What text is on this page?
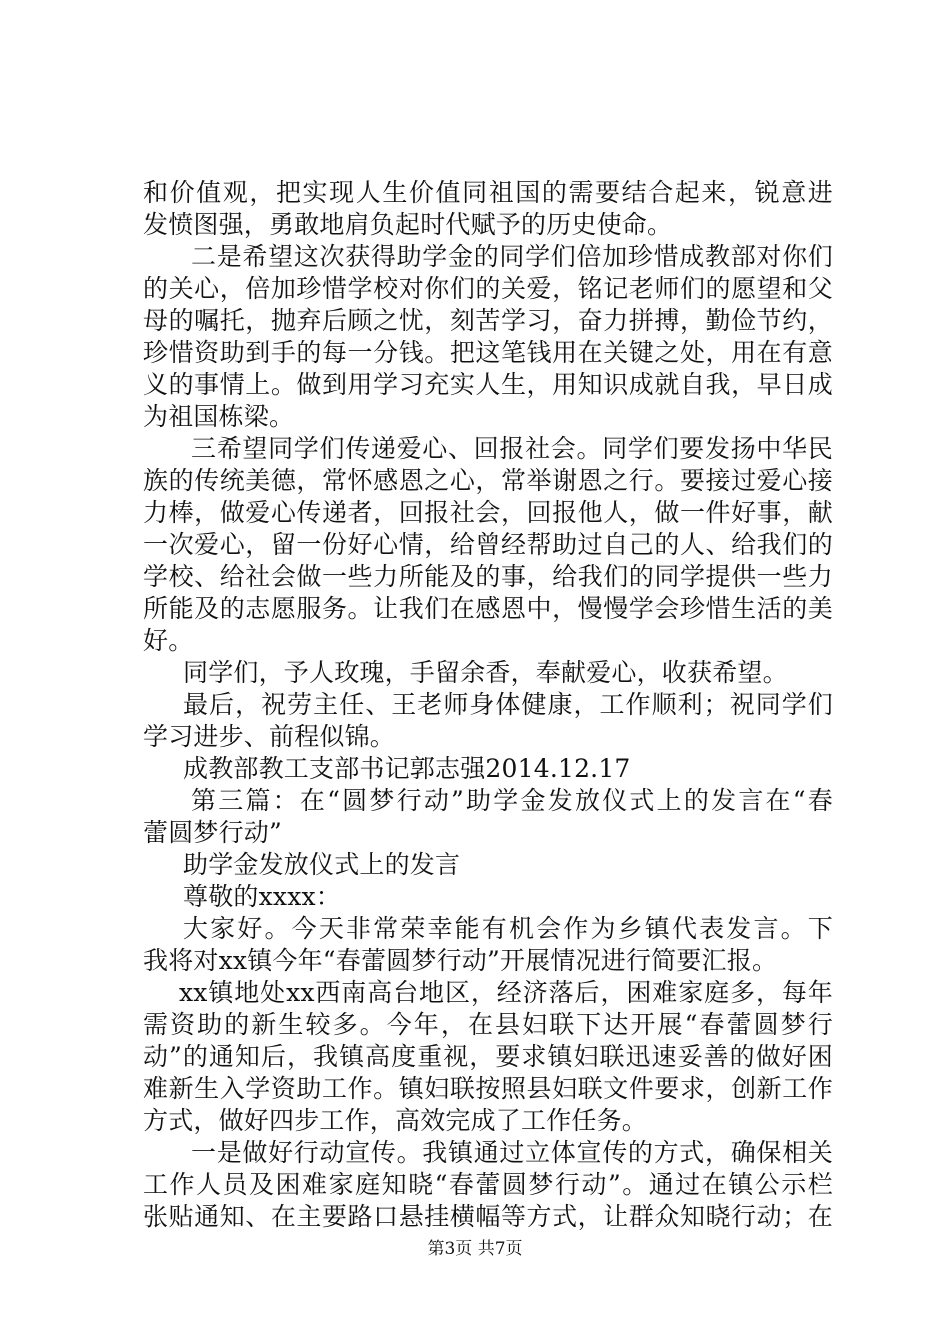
和价值观，把实现人生价值同祖国的需要结合起来，锐意进
发愤图强，勇敢地肩负起时代赋予的历史使命。
二是希望这次获得助学金的同学们倍加珍惜成教部对你们
的关心，倍加珍惜学校对你们的关爱，铭记老师们的愿望和父
母的嘱托，抛弃后顾之忧，刻苦学习，奋力拼搏，勤俭节约，
珍惜资助到手的每一分钱。把这笔钱用在关键之处，用在有意
义的事情上。做到用学习充实人生，用知识成就自我，早日成
为祖国栋梁。
三希望同学们传递爱心、回报社会。同学们要发扬中华民
族的传统美德，常怀感恩之心，常举谢恩之行。要接过爱心接
力棒，做爱心传递者，回报社会，回报他人，做一件好事，献
一次爱心，留一份好心情，给曾经帮助过自己的人、给我们的
学校、给社会做一些力所能及的事，给我们的同学提供一些力
所能及的志愿服务。让我们在感恩中，慢慢学会珍惜生活的美
好。
同学们，予人玫瑰，手留余香，奉献爱心，收获希望。
最后，祝劳主任、王老师身体健康，工作顺利；祝同学们
学习进步、前程似锦。
成教部教工支部书记郭志强2014.12.17
第三篇：在“圆梦行动”助学金发放仪式上的发言在“春
蕾圆梦行动”
助学金发放仪式上的发言
尊敬的xxxx：
大家好。今天非常荣幸能有机会作为乡镇代表发言。下
我将对xx镇今年“春蕾圆梦行动”开展情况进行简要汇报。
xx镇地处xx西南高台地区，经济落后，困难家庭多，每年
需资助的新生较多。今年，在县妇联下达开展“春蕾圆梦行
动”的通知后，我镇高度重视，要求镇妇联迅速妥善的做好困
难新生入学资助工作。镇妇联按照县妇联文件要求，创新工作
方式，做好四步工作，高效完成了工作任务。
一是做好行动宣传。我镇通过立体宣传的方式，确保相关
工作人员及困难家庭知晓“春蕾圆梦行动”。通过在镇公示栏
张贴通知、在主要路口悬挂横幅等方式，让群众知晓行动；在
第3页 共7页
